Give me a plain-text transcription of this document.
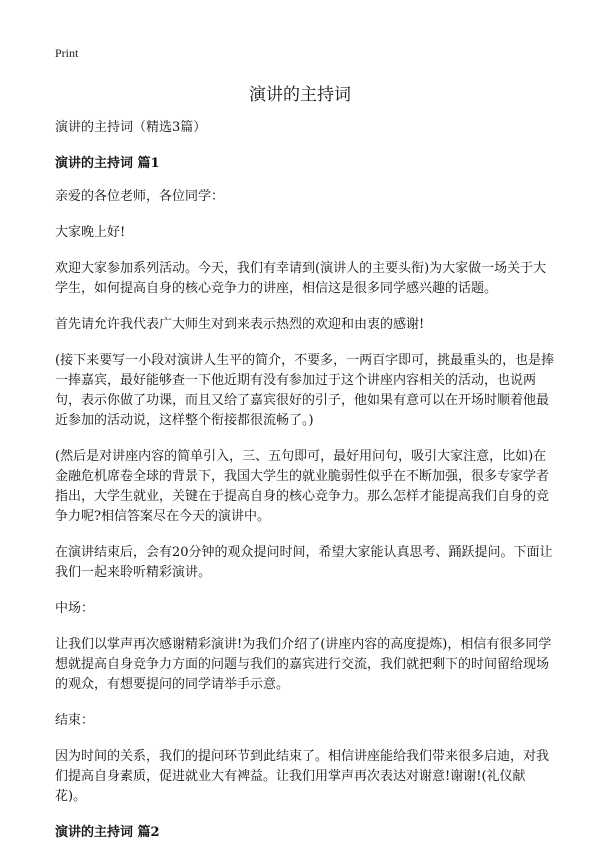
Print
演讲的主持词

演讲的主持词（精选3篇）

演讲的主持词 篇1

亲爱的各位老师，各位同学：

大家晚上好!

欢迎大家参加系列活动。今天，我们有幸请到(演讲人的主要头衔)为大家做一场关于大学生，如何提高自身的核心竞争力的讲座，相信这是很多同学感兴趣的话题。

首先请允许我代表广大师生对到来表示热烈的欢迎和由衷的感谢!

(接下来要写一小段对演讲人生平的简介，不要多，一两百字即可，挑最重头的，也是捧一捧嘉宾，最好能够查一下他近期有没有参加过于这个讲座内容相关的活动，也说两句，表示你做了功课，而且又给了嘉宾很好的引子，他如果有意可以在开场时顺着他最近参加的活动说，这样整个衔接都很流畅了。)

(然后是对讲座内容的简单引入，三、五句即可，最好用问句，吸引大家注意，比如)在金融危机席卷全球的背景下，我国大学生的就业脆弱性似乎在不断加强，很多专家学者指出，大学生就业，关键在于提高自身的核心竞争力。那么怎样才能提高我们自身的竞争力呢?相信答案尽在今天的演讲中。

在演讲结束后，会有20分钟的观众提问时间，希望大家能认真思考、踊跃提问。下面让我们一起来聆听精彩演讲。

中场：

让我们以掌声再次感谢精彩演讲!为我们介绍了(讲座内容的高度提炼)，相信有很多同学想就提高自身竞争力方面的问题与我们的嘉宾进行交流，我们就把剩下的时间留给现场的观众，有想要提问的同学请举手示意。

结束：

因为时间的关系，我们的提问环节到此结束了。相信讲座能给我们带来很多启迪，对我们提高自身素质，促进就业大有裨益。让我们用掌声再次表达对谢意!谢谢!(礼仪献花)。

演讲的主持词 篇2
